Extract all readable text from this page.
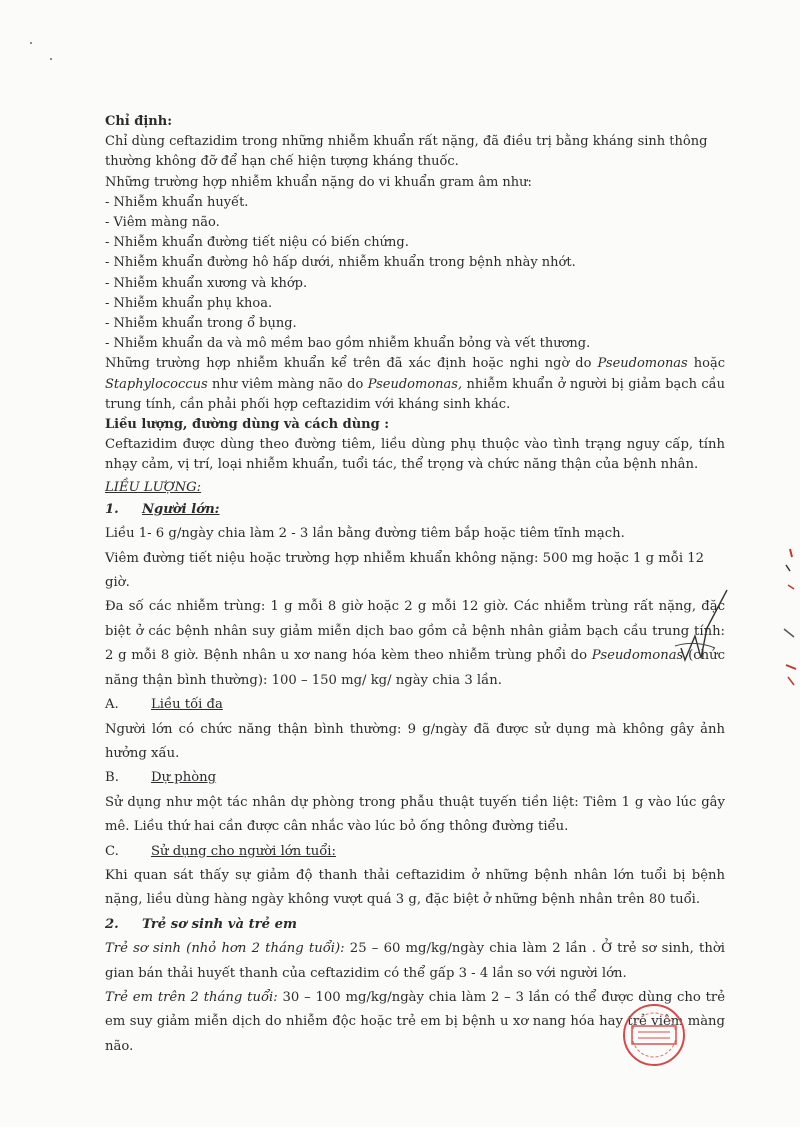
Chỉ định:

Chỉ dùng ceftazidim trong những nhiễm khuẩn rất nặng, đã điều trị bằng kháng sinh thông thường không đỡ để hạn chế hiện tượng kháng thuốc.

Những trường hợp nhiễm khuẩn nặng do vi khuẩn gram âm như:

- Nhiễm khuẩn huyết.

- Viêm màng não.

- Nhiễm khuẩn đường tiết niệu có biến chứng.

- Nhiễm khuẩn đường hô hấp dưới, nhiễm khuẩn trong bệnh nhày nhớt.

- Nhiễm khuẩn xương và khớp.

- Nhiễm khuẩn phụ khoa.

- Nhiễm khuẩn trong ổ bụng.

- Nhiễm khuẩn da và mô mềm bao gồm nhiễm khuẩn bỏng và vết thương.

Những trường hợp nhiễm khuẩn kể trên đã xác định hoặc nghi ngờ do Pseudomonas hoặc Staphylococcus như viêm màng não do Pseudomonas, nhiễm khuẩn ở người bị giảm bạch cầu trung tính, cần phải phối hợp ceftazidim với kháng sinh khác.

Liều lượng, đường dùng và cách dùng :

Ceftazidim được dùng theo đường tiêm, liều dùng phụ thuộc vào tình trạng nguy cấp, tính nhạy cảm, vị trí, loại nhiễm khuẩn, tuổi tác, thể trọng và chức năng thận của bệnh nhân.

LIỀU LƯỢNG:

1. Người lớn:

Liều 1- 6 g/ngày chia làm 2 - 3 lần bằng đường tiêm bắp hoặc tiêm tĩnh mạch.

Viêm đường tiết niệu hoặc trường hợp nhiễm khuẩn không nặng: 500 mg hoặc 1 g mỗi 12 giờ.

Đa số các nhiễm trùng: 1 g mỗi 8 giờ hoặc 2 g mỗi 12 giờ. Các nhiễm trùng rất nặng, đặc biệt ở các bệnh nhân suy giảm miễn dịch bao gồm cả bệnh nhân giảm bạch cầu trung tính: 2 g mỗi 8 giờ. Bệnh nhân u xơ nang hóa kèm theo nhiễm trùng phổi do Pseudomonas (chức năng thận bình thường): 100 – 150 mg/ kg/ ngày chia 3 lần.

A. Liều tối đa

Người lớn có chức năng thận bình thường: 9 g/ngày đã được sử dụng mà không gây ảnh hưởng xấu.

B. Dự phòng

Sử dụng như một tác nhân dự phòng trong phẫu thuật tuyến tiền liệt: Tiêm 1 g vào lúc gây mê. Liều thứ hai cần được cân nhắc vào lúc bỏ ống thông đường tiểu.

C. Sử dụng cho người lớn tuổi:

Khi quan sát thấy sự giảm độ thanh thải ceftazidim ở những bệnh nhân lớn tuổi bị bệnh nặng, liều dùng hàng ngày không vượt quá 3 g, đặc biệt ở những bệnh nhân trên 80 tuổi.

2. Trẻ sơ sinh và trẻ em

Trẻ sơ sinh (nhỏ hơn 2 tháng tuổi): 25 – 60 mg/kg/ngày chia làm 2 lần . Ở trẻ sơ sinh, thời gian bán thải huyết thanh của ceftazidim có thể gấp 3 - 4 lần so với người lớn.

Trẻ em trên 2 tháng tuổi: 30 – 100 mg/kg/ngày chia làm 2 – 3 lần có thể được dùng cho trẻ em suy giảm miễn dịch do nhiễm độc hoặc trẻ em bị bệnh u xơ nang hóa hay trẻ viêm màng não.
